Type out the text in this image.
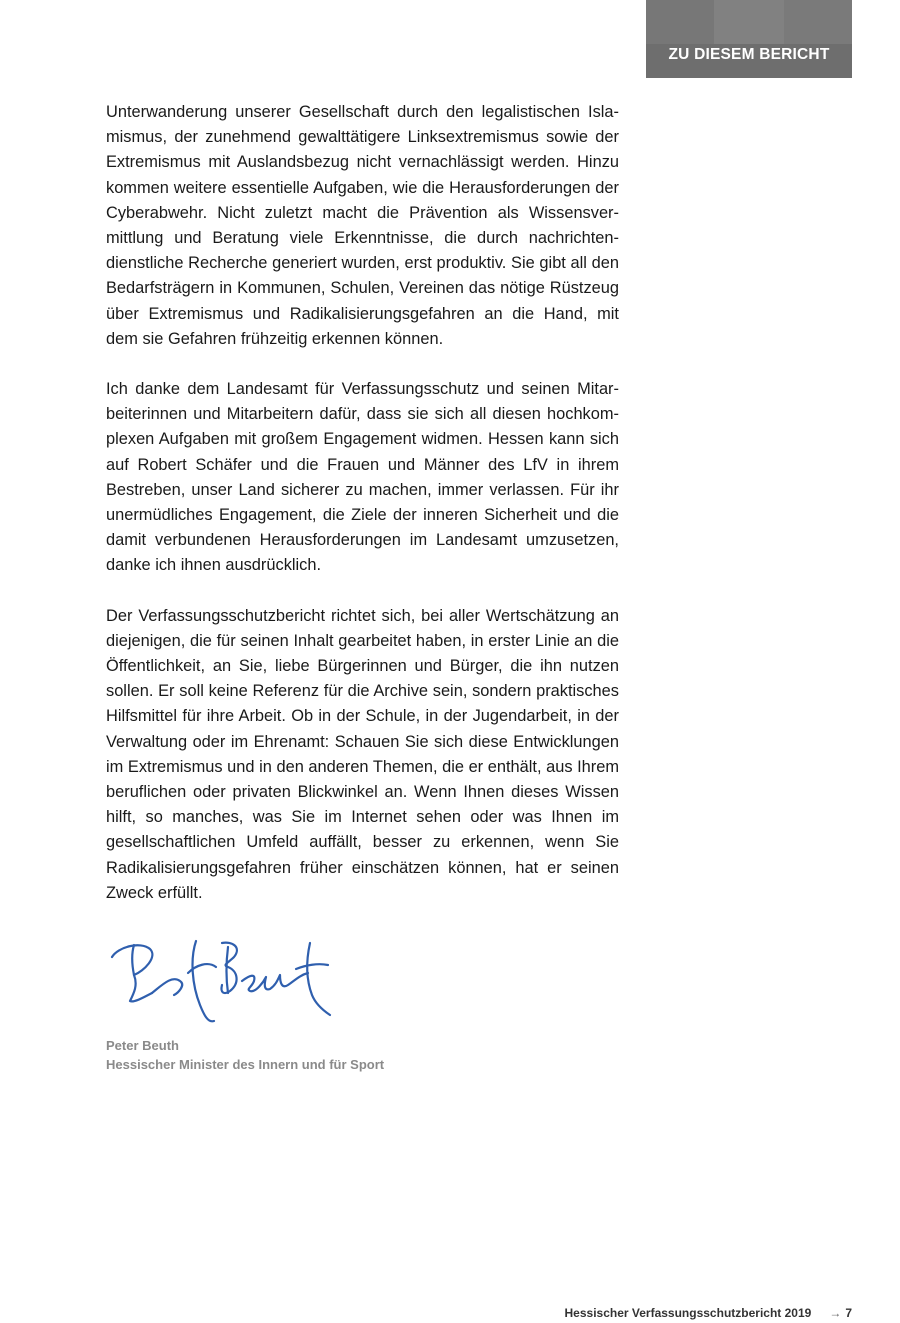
ZU DIESEM BERICHT

Unterwanderung unserer Gesellschaft durch den legalistischen Islamismus, der zunehmend gewalttätigere Linksextremismus sowie der Extremismus mit Auslandsbezug nicht vernachlässigt werden. Hinzu kommen weitere essentielle Aufgaben, wie die Herausforderungen der Cyberabwehr. Nicht zuletzt macht die Prävention als Wissensvermittlung und Beratung viele Erkenntnisse, die durch nachrichtendienstliche Recherche generiert wurden, erst produktiv. Sie gibt all den Bedarfsträgern in Kommunen, Schulen, Vereinen das nötige Rüstzeug über Extremismus und Radikalisierungsgefahren an die Hand, mit dem sie Gefahren frühzeitig erkennen können.

Ich danke dem Landesamt für Verfassungsschutz und seinen Mitarbeiterinnen und Mitarbeitern dafür, dass sie sich all diesen hochkomplexen Aufgaben mit großem Engagement widmen. Hessen kann sich auf Robert Schäfer und die Frauen und Männer des LfV in ihrem Bestreben, unser Land sicherer zu machen, immer verlassen. Für ihr unermüdliches Engagement, die Ziele der inneren Sicherheit und die damit verbundenen Herausforderungen im Landesamt umzusetzen, danke ich ihnen ausdrücklich.

Der Verfassungsschutzbericht richtet sich, bei aller Wertschätzung an diejenigen, die für seinen Inhalt gearbeitet haben, in erster Linie an die Öffentlichkeit, an Sie, liebe Bürgerinnen und Bürger, die ihn nutzen sollen. Er soll keine Referenz für die Archive sein, sondern praktisches Hilfsmittel für ihre Arbeit. Ob in der Schule, in der Jugendarbeit, in der Verwaltung oder im Ehrenamt: Schauen Sie sich diese Entwicklungen im Extremismus und in den anderen Themen, die er enthält, aus Ihrem beruflichen oder privaten Blickwinkel an. Wenn Ihnen dieses Wissen hilft, so manches, was Sie im Internet sehen oder was Ihnen im gesellschaftlichen Umfeld auffällt, besser zu erkennen, wenn Sie Radikalisierungsgefahren früher einschätzen können, hat er seinen Zweck erfüllt.

Peter Beuth
Hessischer Minister des Innern und für Sport
Hessischer Verfassungsschutzbericht 2019 → 7
